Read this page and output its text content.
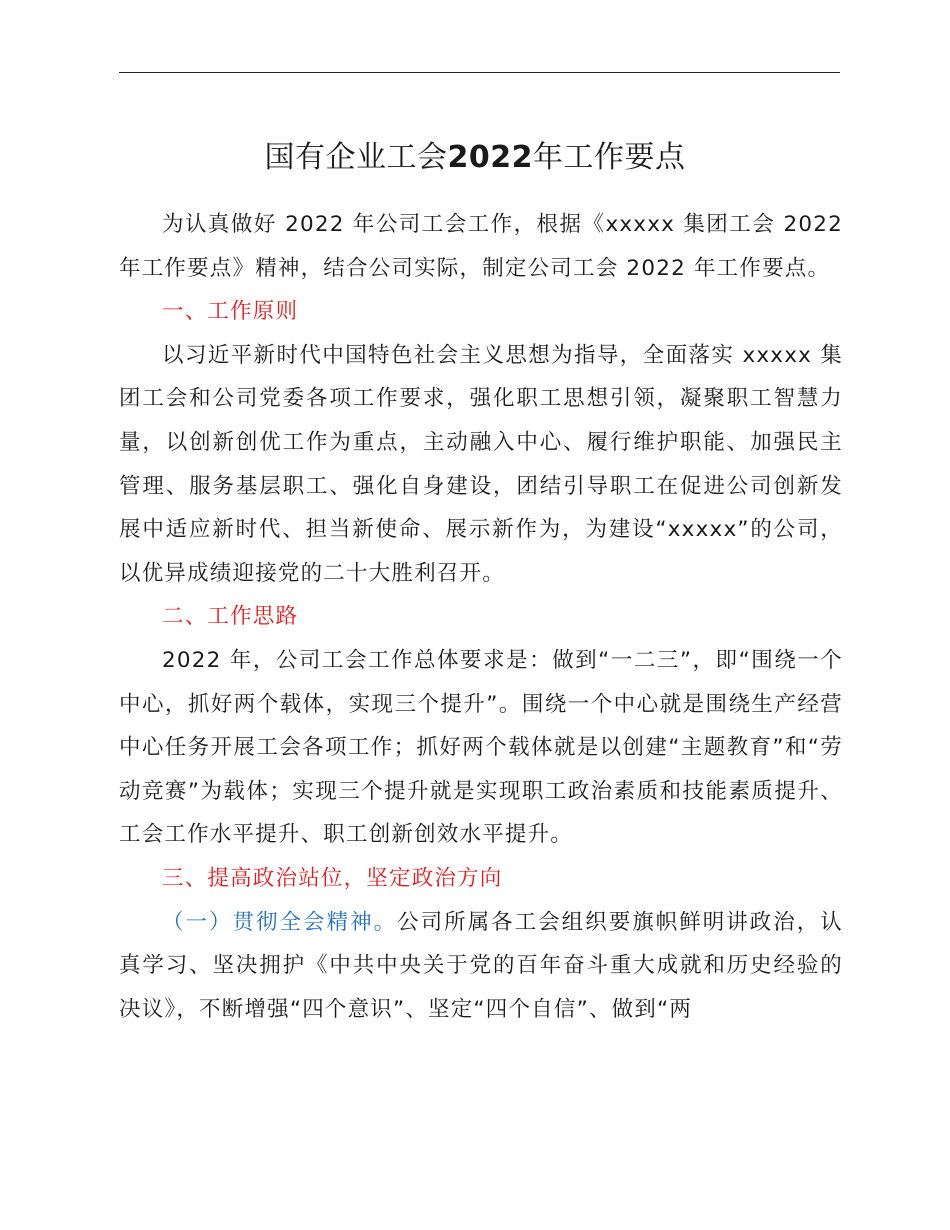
国有企业工会2022年工作要点

为认真做好 2022 年公司工会工作，根据《xxxxx 集团工会 2022 年工作要点》精神，结合公司实际，制定公司工会 2022 年工作要点。

一、工作原则

以习近平新时代中国特色社会主义思想为指导，全面落实 xxxxx 集团工会和公司党委各项工作要求，强化职工思想引领，凝聚职工智慧力量，以创新创优工作为重点，主动融入中心、履行维护职能、加强民主管理、服务基层职工、强化自身建设，团结引导职工在促进公司创新发展中适应新时代、担当新使命、展示新作为，为建设“xxxxx”的公司，以优异成绩迎接党的二十大胜利召开。

二、工作思路

2022 年，公司工会工作总体要求是：做到“一二三”，即“围绕一个中心，抓好两个载体，实现三个提升”。围绕一个中心就是围绕生产经营中心任务开展工会各项工作；抓好两个载体就是以创建“主题教育”和“劳动竞赛”为载体；实现三个提升就是实现职工政治素质和技能素质提升、工会工作水平提升、职工创新创效水平提升。

三、提高政治站位，坚定政治方向

（一）贯彻全会精神。公司所属各工会组织要旗帜鲜明讲政治，认真学习、坚决拥护《中共中央关于党的百年奋斗重大成就和历史经验的决议》，不断增强“四个意识”、坚定“四个自信”、做到“两
